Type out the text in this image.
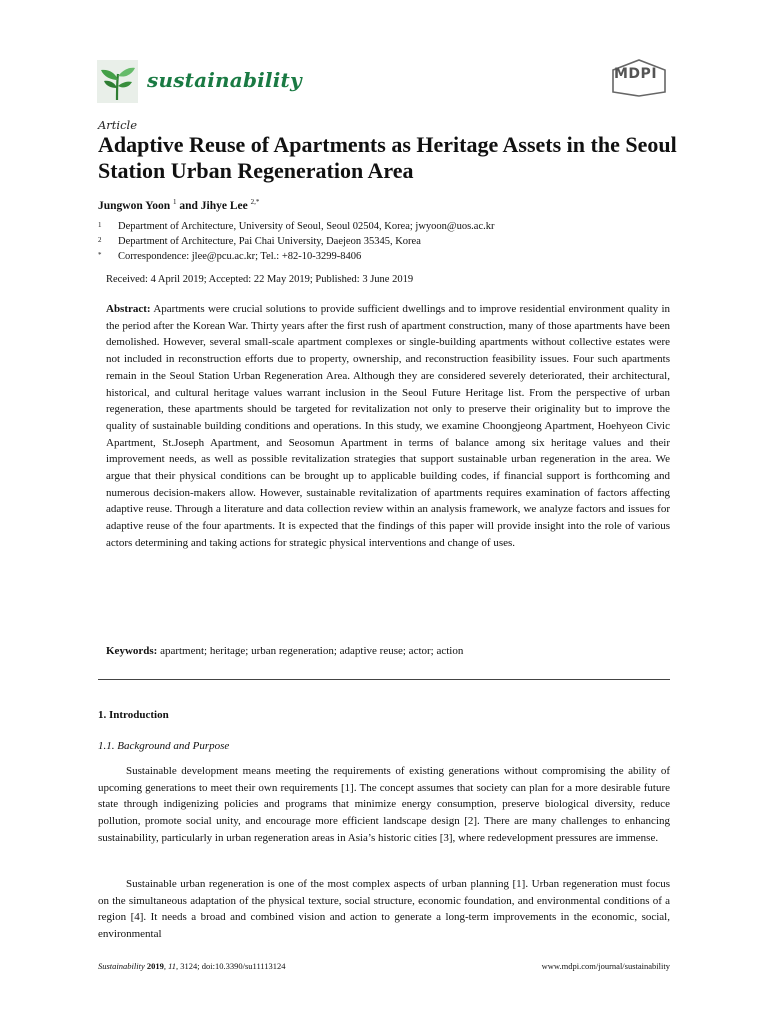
sustainability	MDPI
Article
Adaptive Reuse of Apartments as Heritage Assets in the Seoul Station Urban Regeneration Area
Jungwon Yoon $^1$ and Jihye Lee $^{2,*}$
1 Department of Architecture, University of Seoul, Seoul 02504, Korea; jwyoon@uos.ac.kr
2 Department of Architecture, Pai Chai University, Daejeon 35345, Korea
* Correspondence: jlee@pcu.ac.kr; Tel.: +82-10-3299-8406
Received: 4 April 2019; Accepted: 22 May 2019; Published: 3 June 2019
Abstract: Apartments were crucial solutions to provide sufficient dwellings and to improve residential environment quality in the period after the Korean War. Thirty years after the first rush of apartment construction, many of those apartments have been demolished. However, several small-scale apartment complexes or single-building apartments without collective estates were not included in reconstruction efforts due to property, ownership, and reconstruction feasibility issues. Four such apartments remain in the Seoul Station Urban Regeneration Area. Although they are considered severely deteriorated, their architectural, historical, and cultural heritage values warrant inclusion in the Seoul Future Heritage list. From the perspective of urban regeneration, these apartments should be targeted for revitalization not only to preserve their originality but to improve the quality of sustainable building conditions and operations. In this study, we examine Choongjeong Apartment, Hoehyeon Civic Apartment, St.Joseph Apartment, and Seosomun Apartment in terms of balance among six heritage values and their improvement needs, as well as possible revitalization strategies that support sustainable urban regeneration in the area. We argue that their physical conditions can be brought up to applicable building codes, if financial support is forthcoming and numerous decision-makers allow. However, sustainable revitalization of apartments requires examination of factors affecting adaptive reuse. Through a literature and data collection review within an analysis framework, we analyze factors and issues for adaptive reuse of the four apartments. It is expected that the findings of this paper will provide insight into the role of various actors determining and taking actions for strategic physical interventions and change of uses.
Keywords: apartment; heritage; urban regeneration; adaptive reuse; actor; action
1. Introduction
1.1. Background and Purpose
Sustainable development means meeting the requirements of existing generations without compromising the ability of upcoming generations to meet their own requirements [1]. The concept assumes that society can plan for a more desirable future state through indigenizing policies and programs that minimize energy consumption, preserve biological diversity, reduce pollution, promote social unity, and encourage more efficient landscape design [2]. There are many challenges to enhancing sustainability, particularly in urban regeneration areas in Asia’s historic cities [3], where redevelopment pressures are immense.
Sustainable urban regeneration is one of the most complex aspects of urban planning [1]. Urban regeneration must focus on the simultaneous adaptation of the physical texture, social structure, economic foundation, and environmental conditions of a region [4]. It needs a broad and combined vision and action to generate a long-term improvements in the economic, social, environmental
Sustainability 2019, 11, 3124; doi:10.3390/su11113124	www.mdpi.com/journal/sustainability
